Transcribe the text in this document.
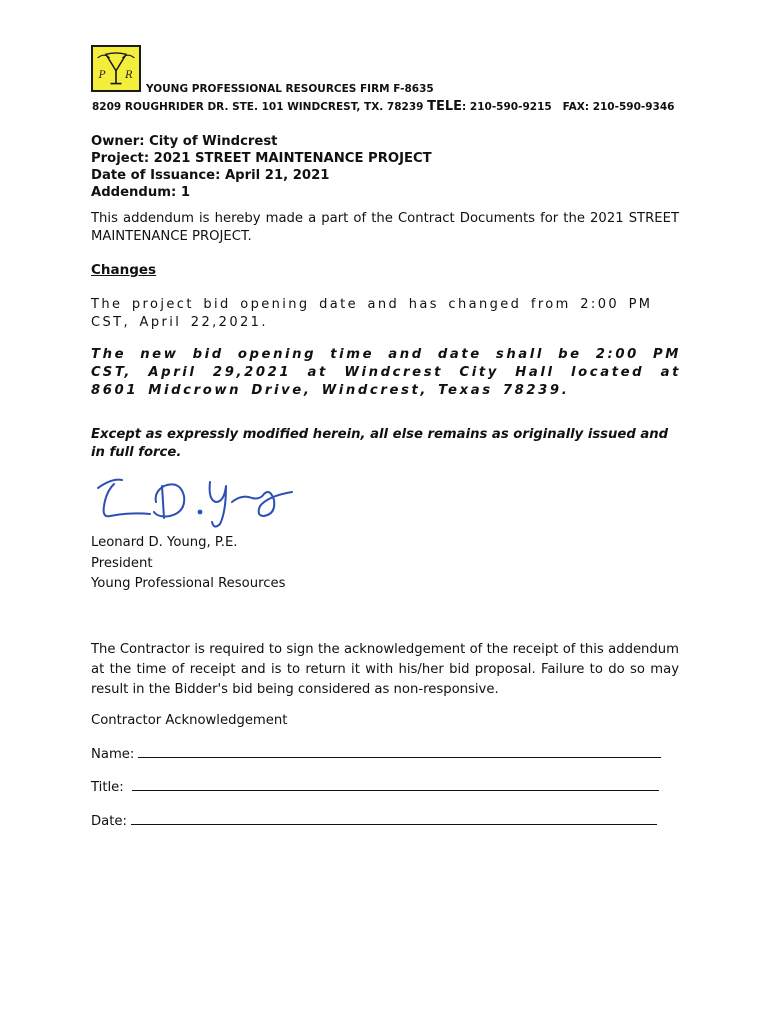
P R
YOUNG PROFESSIONAL RESOURCES FIRM F-8635
8209 ROUGHRIDER DR. STE. 101 WINDCREST, TX. 78239 TELE: 210-590-9215 FAX: 210-590-9346
Owner: City of Windcrest
Project: 2021 STREET MAINTENANCE PROJECT
Date of Issuance: April 21, 2021
Addendum: 1
This addendum is hereby made a part of the Contract Documents for the 2021 STREET MAINTENANCE PROJECT.
Changes
The project bid opening date and has changed from 2:00 PM CST, April 22,2021.
The new bid opening time and date shall be 2:00 PM CST, April 29,2021 at Windcrest City Hall located at 8601 Midcrown Drive, Windcrest, Texas 78239.
Except as expressly modified herein, all else remains as originally issued and in full force.
Leonard D. Young, P.E.
President
Young Professional Resources
The Contractor is required to sign the acknowledgement of the receipt of this addendum at the time of receipt and is to return it with his/her bid proposal. Failure to do so may result in the Bidder's bid being considered as non-responsive.
Contractor Acknowledgement
Name:
Title:
Date:
